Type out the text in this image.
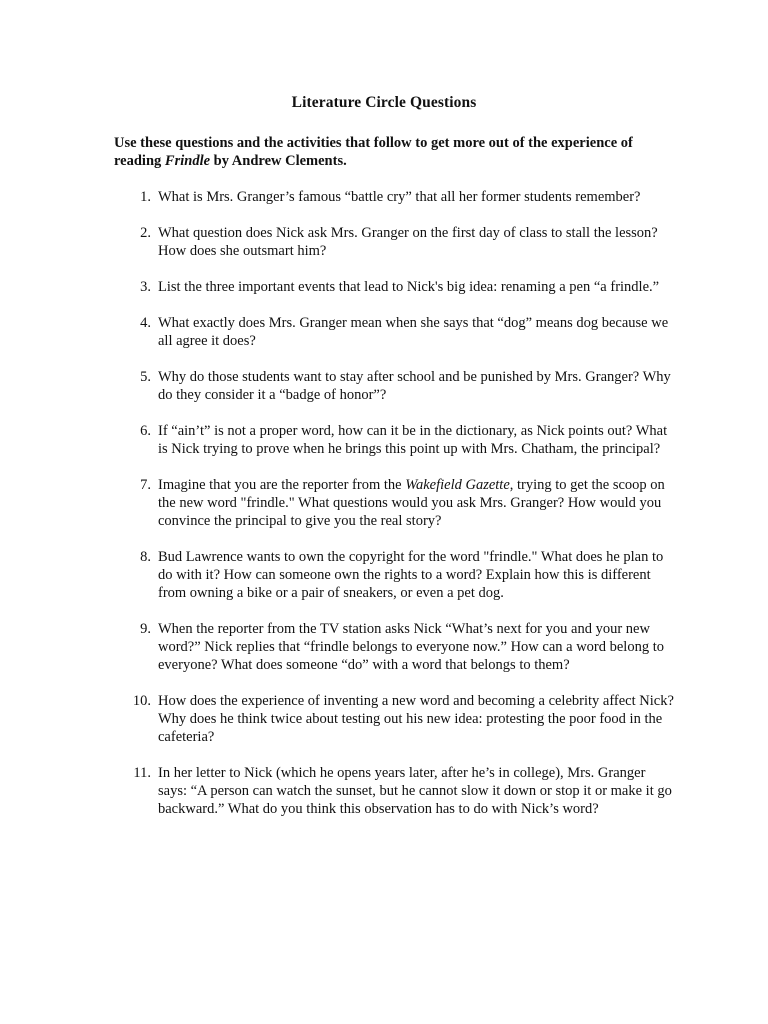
Literature Circle Questions
Use these questions and the activities that follow to get more out of the experience of reading Frindle by Andrew Clements.
1. What is Mrs. Granger’s famous “battle cry” that all her former students remember?
2. What question does Nick ask Mrs. Granger on the first day of class to stall the lesson?     How does she outsmart him?
3. List the three important events that lead to Nick's big idea: renaming a pen “a frindle.”
4. What exactly does Mrs. Granger mean when she says that “dog” means dog because we all agree it does?
5. Why do those students want to stay after school and be punished by Mrs. Granger? Why do they consider it a “badge of honor”?
6. If “ain’t” is not a proper word, how can it be in the dictionary, as Nick points out? What is Nick trying to prove when he brings this point up with Mrs. Chatham, the principal?
7. Imagine that you are the reporter from the Wakefield Gazette, trying to get the scoop on the new word "frindle." What questions would you ask Mrs. Granger? How would you convince the principal to give you the real story?
8. Bud Lawrence wants to own the copyright for the word "frindle." What does he plan to do with it? How can someone own the rights to a word? Explain how this is different from owning a bike or a pair of sneakers, or even a pet dog.
9. When the reporter from the TV station asks Nick “What’s next for you and your new word?” Nick replies that “frindle belongs to everyone now.” How can a word belong to everyone? What does someone “do” with a word that belongs to them?
10. How does the experience of inventing a new word and becoming a celebrity affect Nick? Why does he think twice about testing out his new idea: protesting the poor food in the cafeteria?
11. In her letter to Nick (which he opens years later, after he’s in college), Mrs. Granger says: “A person can watch the sunset, but he cannot slow it down or stop it or make it go backward.” What do you think this observation has to do with Nick’s word?
